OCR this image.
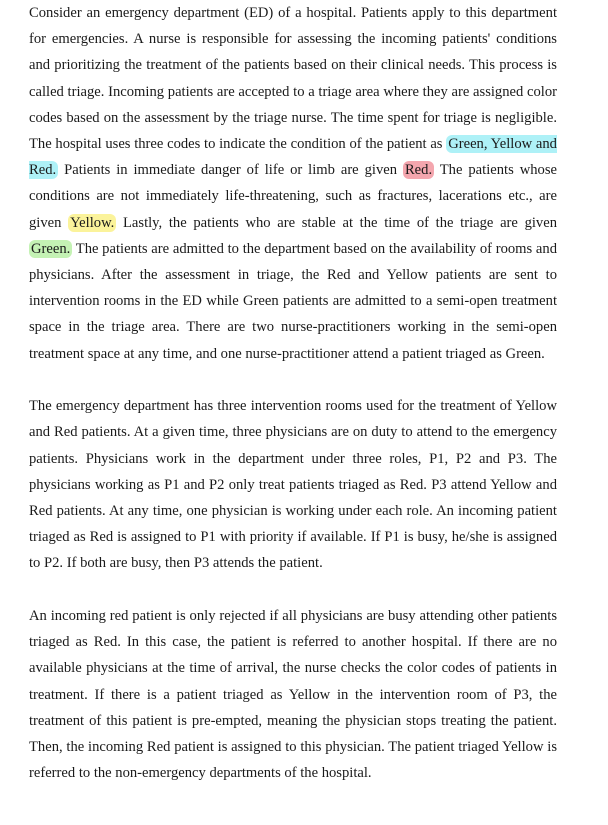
Consider an emergency department (ED) of a hospital. Patients apply to this department for emergencies. A nurse is responsible for assessing the incoming patients' conditions and prioritizing the treatment of the patients based on their clinical needs. This process is called triage. Incoming patients are accepted to a triage area where they are assigned color codes based on the assessment by the triage nurse. The time spent for triage is negligible. The hospital uses three codes to indicate the condition of the patient as Green, Yellow and Red. Patients in immediate danger of life or limb are given Red. The patients whose conditions are not immediately life-threatening, such as fractures, lacerations etc., are given Yellow. Lastly, the patients who are stable at the time of the triage are given Green. The patients are admitted to the department based on the availability of rooms and physicians. After the assessment in triage, the Red and Yellow patients are sent to intervention rooms in the ED while Green patients are admitted to a semi-open treatment space in the triage area. There are two nurse-practitioners working in the semi-open treatment space at any time, and one nurse-practitioner attend a patient triaged as Green.

The emergency department has three intervention rooms used for the treatment of Yellow and Red patients. At a given time, three physicians are on duty to attend to the emergency patients. Physicians work in the department under three roles, P1, P2 and P3. The physicians working as P1 and P2 only treat patients triaged as Red. P3 attend Yellow and Red patients. At any time, one physician is working under each role. An incoming patient triaged as Red is assigned to P1 with priority if available. If P1 is busy, he/she is assigned to P2. If both are busy, then P3 attends the patient.

An incoming red patient is only rejected if all physicians are busy attending other patients triaged as Red. In this case, the patient is referred to another hospital. If there are no available physicians at the time of arrival, the nurse checks the color codes of patients in treatment. If there is a patient triaged as Yellow in the intervention room of P3, the treatment of this patient is pre-empted, meaning the physician stops treating the patient. Then, the incoming Red patient is assigned to this physician. The patient triaged Yellow is referred to the non-emergency departments of the hospital.
